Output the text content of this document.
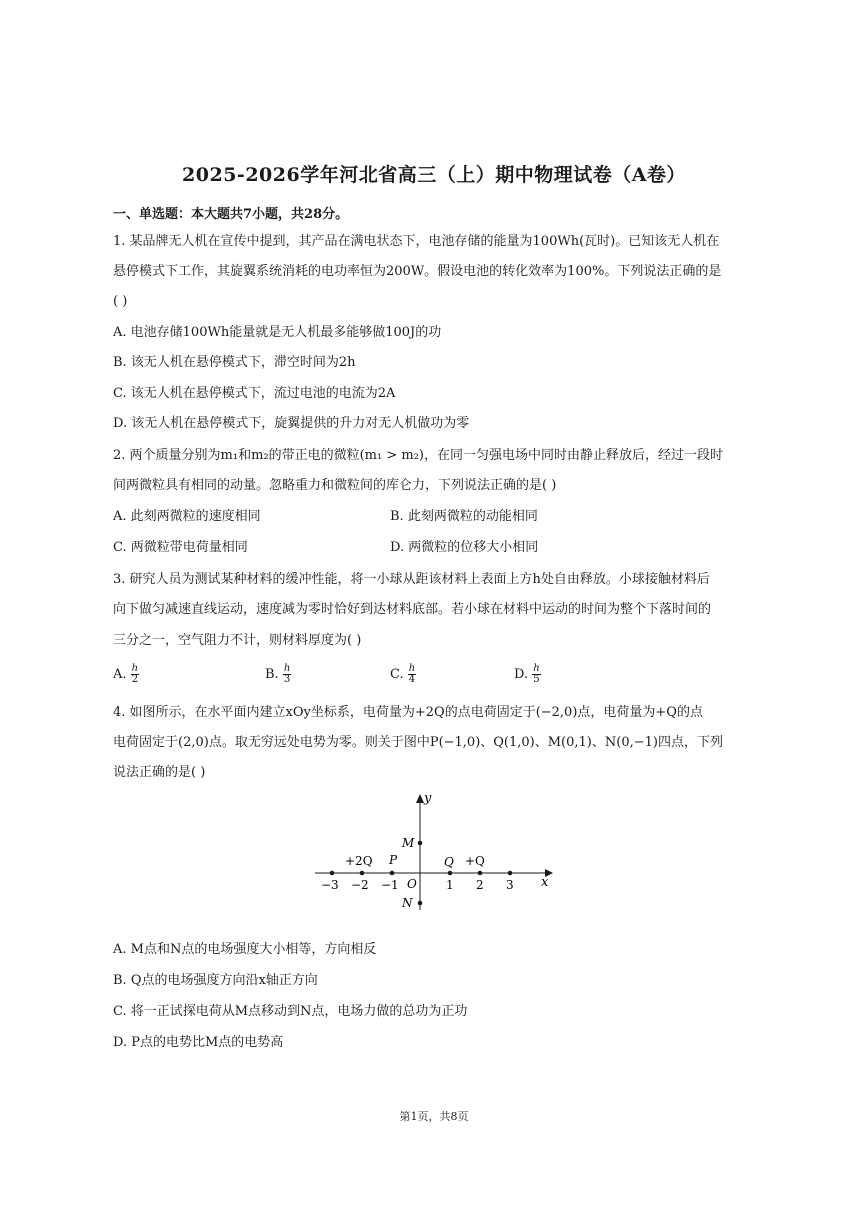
2025-2026学年河北省高三（上）期中物理试卷（A卷）
一、单选题：本大题共7小题，共28分。
1. 某品牌无人机在宣传中提到，其产品在满电状态下，电池存储的能量为100Wh(瓦时)。已知该无人机在
悬停模式下工作，其旋翼系统消耗的电功率恒为200W。假设电池的转化效率为100%。下列说法正确的是
( )
A. 电池存储100Wh能量就是无人机最多能够做100J的功
B. 该无人机在悬停模式下，滞空时间为2h
C. 该无人机在悬停模式下，流过电池的电流为2A
D. 该无人机在悬停模式下，旋翼提供的升力对无人机做功为零
2. 两个质量分别为m₁和m₂的带正电的微粒(m₁ > m₂)，在同一匀强电场中同时由静止释放后，经过一段时
间两微粒具有相同的动量。忽略重力和微粒间的库仑力，下列说法正确的是( )
A. 此刻两微粒的速度相同	B. 此刻两微粒的动能相同
C. 两微粒带电荷量相同	D. 两微粒的位移大小相同
3. 研究人员为测试某种材料的缓冲性能，将一小球从距该材料上表面上方h处自由释放。小球接触材料后
向下做匀减速直线运动，速度减为零时恰好到达材料底部。若小球在材料中运动的时间为整个下落时间的
三分之一，空气阻力不计，则材料厚度为( )
A. $\frac{h}{2}$	B. $\frac{h}{3}$	C. $\frac{h}{4}$	D. $\frac{h}{5}$
4. 如图所示，在水平面内建立xOy坐标系，电荷量为+2Q的点电荷固定于(−2,0)点，电荷量为+Q的点
电荷固定于(2,0)点。取无穷远处电势为零。则关于图中P(−1,0)、Q(1,0)、M(0,1)、N(0,−1)四点，下列
说法正确的是( )
y
x
O
−3 −2 −1	1 2 3
+2Q	+Q
P	Q
M
N
A. M点和N点的电场强度大小相等，方向相反
B. Q点的电场强度方向沿x轴正方向
C. 将一正试探电荷从M点移动到N点，电场力做的总功为正功
D. P点的电势比M点的电势高
第1页，共8页
